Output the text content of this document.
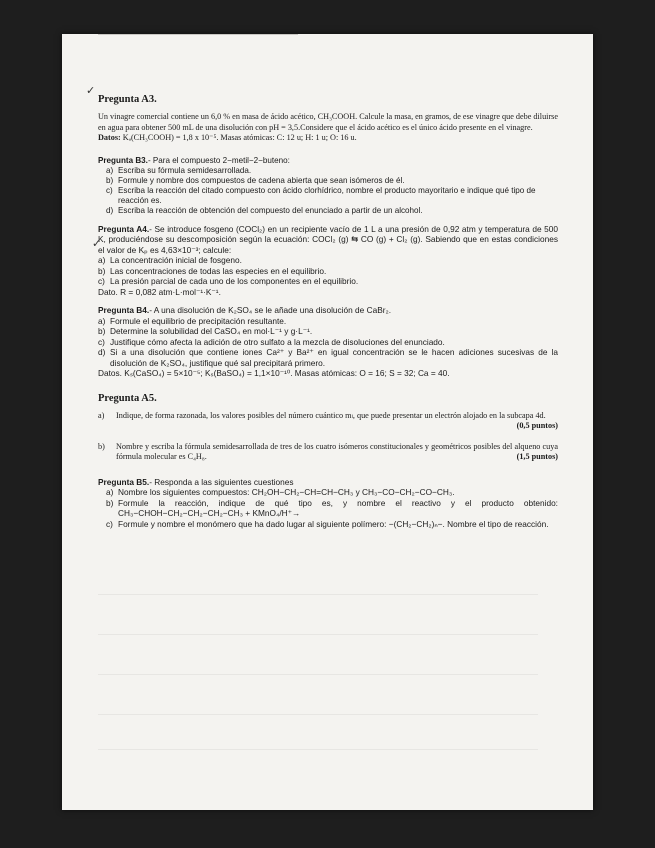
✓
✓
Pregunta A3.
Un vinagre comercial contiene un 6,0 % en masa de ácido acético, CH₃COOH. Calcule la masa, en gramos, de ese vinagre que debe diluirse en agua para obtener 500 mL de una disolución con pH = 3,5.Considere que el ácido acético es el único ácido presente en el vinagre.
Datos: Kₐ(CH₃COOH) = 1,8 x 10⁻⁵. Masas atómicas: C: 12 u; H: 1 u; O: 16 u.
Pregunta B3.- Para el compuesto 2−metil−2−buteno:
a) Escriba su fórmula semidesarrollada.
b) Formule y nombre dos compuestos de cadena abierta que sean isómeros de él.
c) Escriba la reacción del citado compuesto con ácido clorhídrico, nombre el producto mayoritario e indique qué tipo de reacción es.
d) Escriba la reacción de obtención del compuesto del enunciado a partir de un alcohol.
Pregunta A4.- Se introduce fosgeno (COCl₂) en un recipiente vacío de 1 L a una presión de 0,92 atm y temperatura de 500 K, produciéndose su descomposición según la ecuación: COCl₂ (g) ⇆ CO (g) + Cl₂ (g). Sabiendo que en estas condiciones el valor de Kₚ es 4,63×10⁻³; calcule:
a) La concentración inicial de fosgeno.
b) Las concentraciones de todas las especies en el equilibrio.
c) La presión parcial de cada uno de los componentes en el equilibrio.
Dato. R = 0,082 atm·L·mol⁻¹·K⁻¹.
Pregunta B4.- A una disolución de K₂SO₄ se le añade una disolución de CaBr₂.
a) Formule el equilibrio de precipitación resultante.
b) Determine la solubilidad del CaSO₄ en mol·L⁻¹ y g·L⁻¹.
c) Justifique cómo afecta la adición de otro sulfato a la mezcla de disoluciones del enunciado.
d) Si a una disolución que contiene iones Ca²⁺ y Ba²⁺ en igual concentración se le hacen adiciones sucesivas de la disolución de K₂SO₄, justifique qué sal precipitará primero.
Datos. Kₛ(CaSO₄) = 5×10⁻⁵; Kₛ(BaSO₄) = 1,1×10⁻¹⁰. Masas atómicas: O = 16; S = 32; Ca = 40.
Pregunta A5.
a)	Indique, de forma razonada, los valores posibles del número cuántico mₗ, que puede presentar un electrón alojado en la subcapa 4d.
(0,5 puntos)
b)	Nombre y escriba la fórmula semidesarrollada de tres de los cuatro isómeros constitucionales y geométricos posibles del alqueno cuya fórmula molecular es C₄H₈.	(1,5 puntos)
Pregunta B5.- Responda a las siguientes cuestiones
a) Nombre los siguientes compuestos: CH₂OH−CH₂−CH=CH−CH₃ y CH₃−CO−CH₂−CO−CH₃.
b) Formule la reacción, indique de qué tipo es, y nombre el reactivo y el producto obtenido: CH₃−CHOH−CH₂−CH₂−CH₂−CH₃ + KMnO₄/H⁺→
c) Formule y nombre el monómero que ha dado lugar al siguiente polímero: −(CH₂−CH₂)ₙ−. Nombre el tipo de reacción.
